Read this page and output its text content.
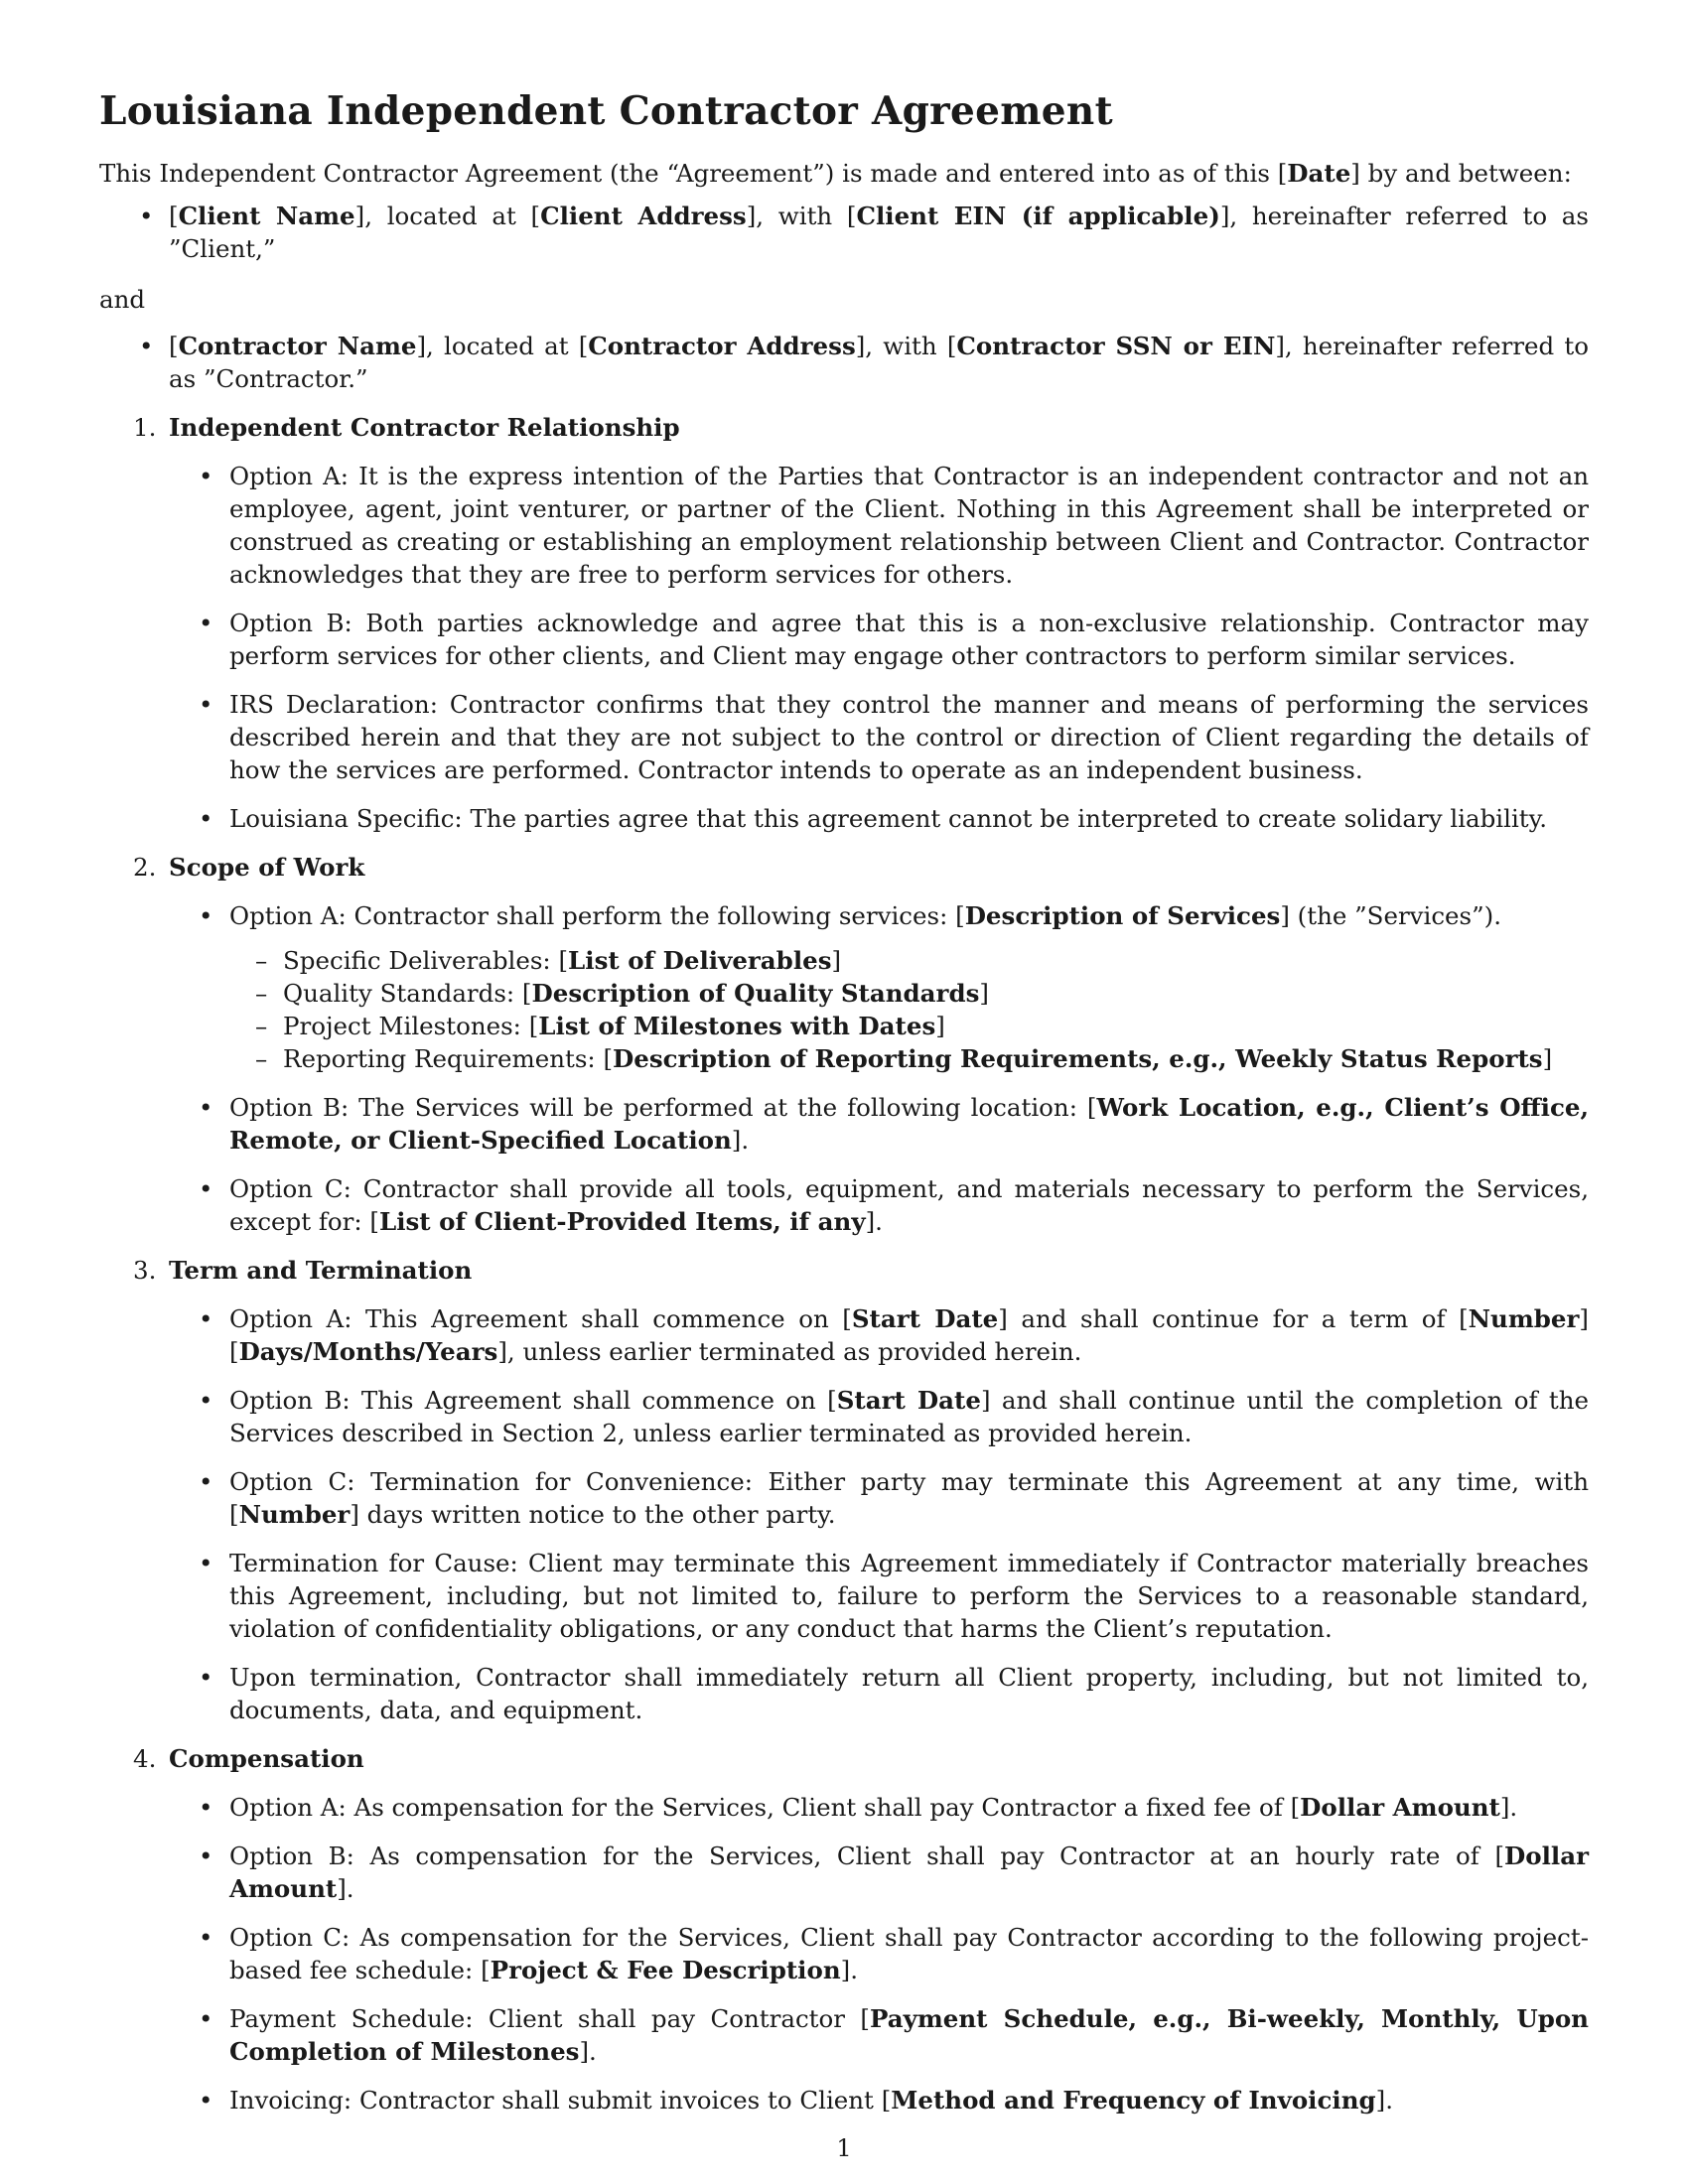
Louisiana Independent Contractor Agreement

This Independent Contractor Agreement (the “Agreement”) is made and entered into as of this [Date] by and between:

• [Client Name], located at [Client Address], with [Client EIN (if applicable)], hereinafter referred to as ”Client,”
and
• [Contractor Name], located at [Contractor Address], with [Contractor SSN or EIN], hereinafter referred to as ”Contractor.”
1. Independent Contractor Relationship
• Option A: It is the express intention of the Parties that Contractor is an independent contractor and not an employee, agent, joint venturer, or partner of the Client. Nothing in this Agreement shall be interpreted or construed as creating or establishing an employment relationship between Client and Contractor. Contractor acknowledges that they are free to perform services for others.
• Option B: Both parties acknowledge and agree that this is a non-exclusive relationship. Contractor may perform services for other clients, and Client may engage other contractors to perform similar services.
• IRS Declaration: Contractor confirms that they control the manner and means of performing the services described herein and that they are not subject to the control or direction of Client regarding the details of how the services are performed. Contractor intends to operate as an independent business.
• Louisiana Specific: The parties agree that this agreement cannot be interpreted to create solidary liability.
2. Scope of Work
• Option A: Contractor shall perform the following services: [Description of Services] (the ”Services”).
– Specific Deliverables: [List of Deliverables]
– Quality Standards: [Description of Quality Standards]
– Project Milestones: [List of Milestones with Dates]
– Reporting Requirements: [Description of Reporting Requirements, e.g., Weekly Status Reports]
• Option B: The Services will be performed at the following location: [Work Location, e.g., Client’s Office, Remote, or Client-Specified Location].
• Option C: Contractor shall provide all tools, equipment, and materials necessary to perform the Services, except for: [List of Client-Provided Items, if any].
3. Term and Termination
• Option A: This Agreement shall commence on [Start Date] and shall continue for a term of [Number] [Days/Months/Years], unless earlier terminated as provided herein.
• Option B: This Agreement shall commence on [Start Date] and shall continue until the completion of the Services described in Section 2, unless earlier terminated as provided herein.
• Option C: Termination for Convenience: Either party may terminate this Agreement at any time, with [Number] days written notice to the other party.
• Termination for Cause: Client may terminate this Agreement immediately if Contractor materially breaches this Agreement, including, but not limited to, failure to perform the Services to a reasonable standard, violation of confidentiality obligations, or any conduct that harms the Client’s reputation.
• Upon termination, Contractor shall immediately return all Client property, including, but not limited to, documents, data, and equipment.
4. Compensation
• Option A: As compensation for the Services, Client shall pay Contractor a fixed fee of [Dollar Amount].
• Option B: As compensation for the Services, Client shall pay Contractor at an hourly rate of [Dollar Amount].
• Option C: As compensation for the Services, Client shall pay Contractor according to the following project-based fee schedule: [Project & Fee Description].
• Payment Schedule: Client shall pay Contractor [Payment Schedule, e.g., Bi-weekly, Monthly, Upon Completion of Milestones].
• Invoicing: Contractor shall submit invoices to Client [Method and Frequency of Invoicing].
1
